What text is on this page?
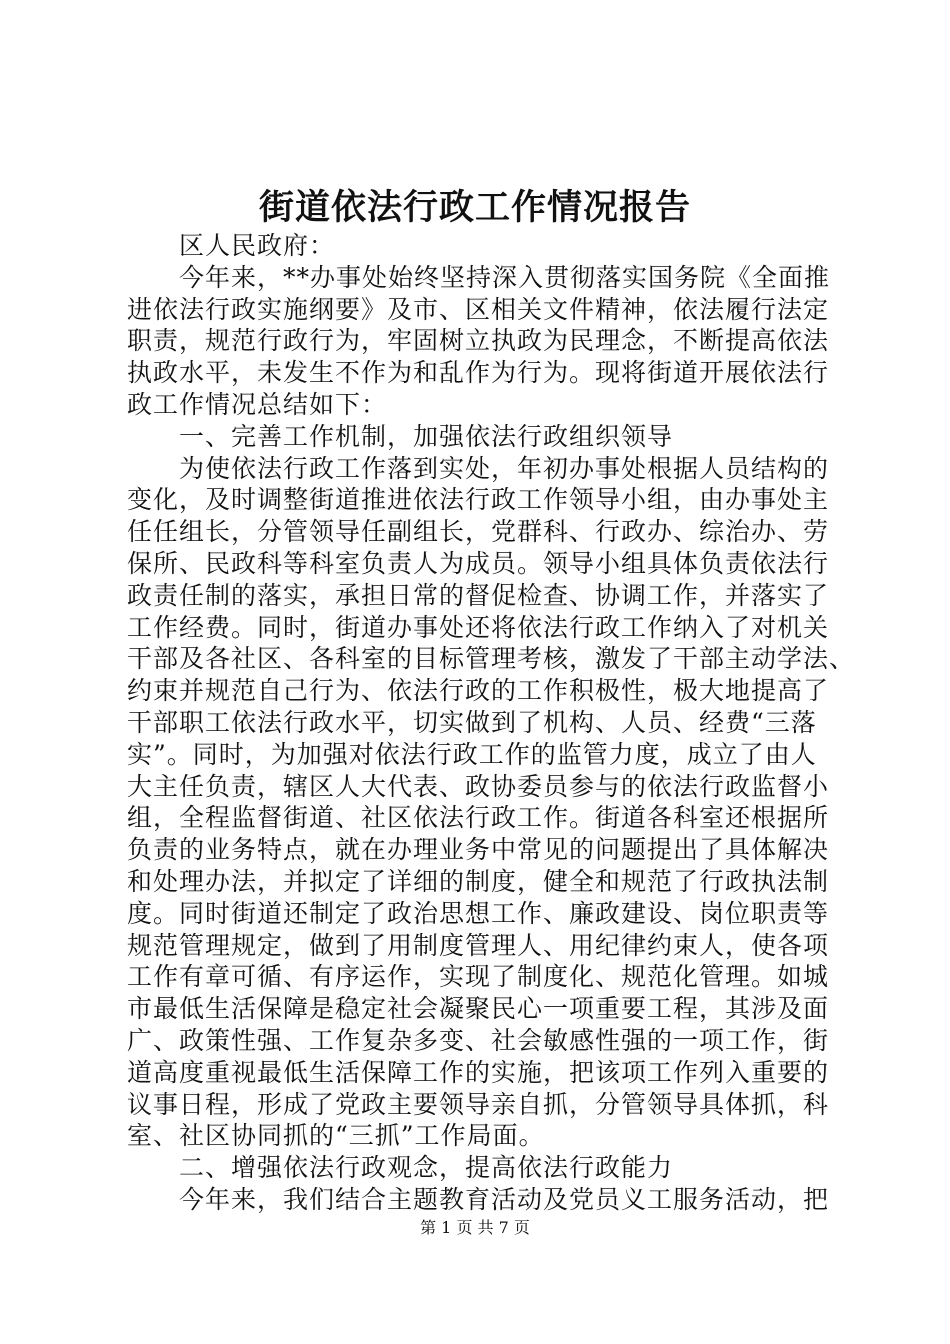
街道依法行政工作情况报告
　　区人民政府：
　　今年来，**办事处始终坚持深入贯彻落实国务院《全面推
进依法行政实施纲要》及市、区相关文件精神，依法履行法定
职责，规范行政行为，牢固树立执政为民理念，不断提高依法
执政水平，未发生不作为和乱作为行为。现将街道开展依法行
政工作情况总结如下：
　　一、完善工作机制，加强依法行政组织领导
　　为使依法行政工作落到实处，年初办事处根据人员结构的
变化，及时调整街道推进依法行政工作领导小组，由办事处主
任任组长，分管领导任副组长，党群科、行政办、综治办、劳
保所、民政科等科室负责人为成员。领导小组具体负责依法行
政责任制的落实，承担日常的督促检查、协调工作，并落实了
工作经费。同时，街道办事处还将依法行政工作纳入了对机关
干部及各社区、各科室的目标管理考核，激发了干部主动学法、
约束并规范自己行为、依法行政的工作积极性，极大地提高了
干部职工依法行政水平，切实做到了机构、人员、经费“三落
实”。同时，为加强对依法行政工作的监管力度，成立了由人
大主任负责，辖区人大代表、政协委员参与的依法行政监督小
组，全程监督街道、社区依法行政工作。街道各科室还根据所
负责的业务特点，就在办理业务中常见的问题提出了具体解决
和处理办法，并拟定了详细的制度，健全和规范了行政执法制
度。同时街道还制定了政治思想工作、廉政建设、岗位职责等
规范管理规定，做到了用制度管理人、用纪律约束人，使各项
工作有章可循、有序运作，实现了制度化、规范化管理。如城
市最低生活保障是稳定社会凝聚民心一项重要工程，其涉及面
广、政策性强、工作复杂多变、社会敏感性强的一项工作，街
道高度重视最低生活保障工作的实施，把该项工作列入重要的
议事日程，形成了党政主要领导亲自抓，分管领导具体抓，科
室、社区协同抓的“三抓”工作局面。
　　二、增强依法行政观念，提高依法行政能力
　　今年来，我们结合主题教育活动及党员义工服务活动，把
第 1 页 共 7 页
